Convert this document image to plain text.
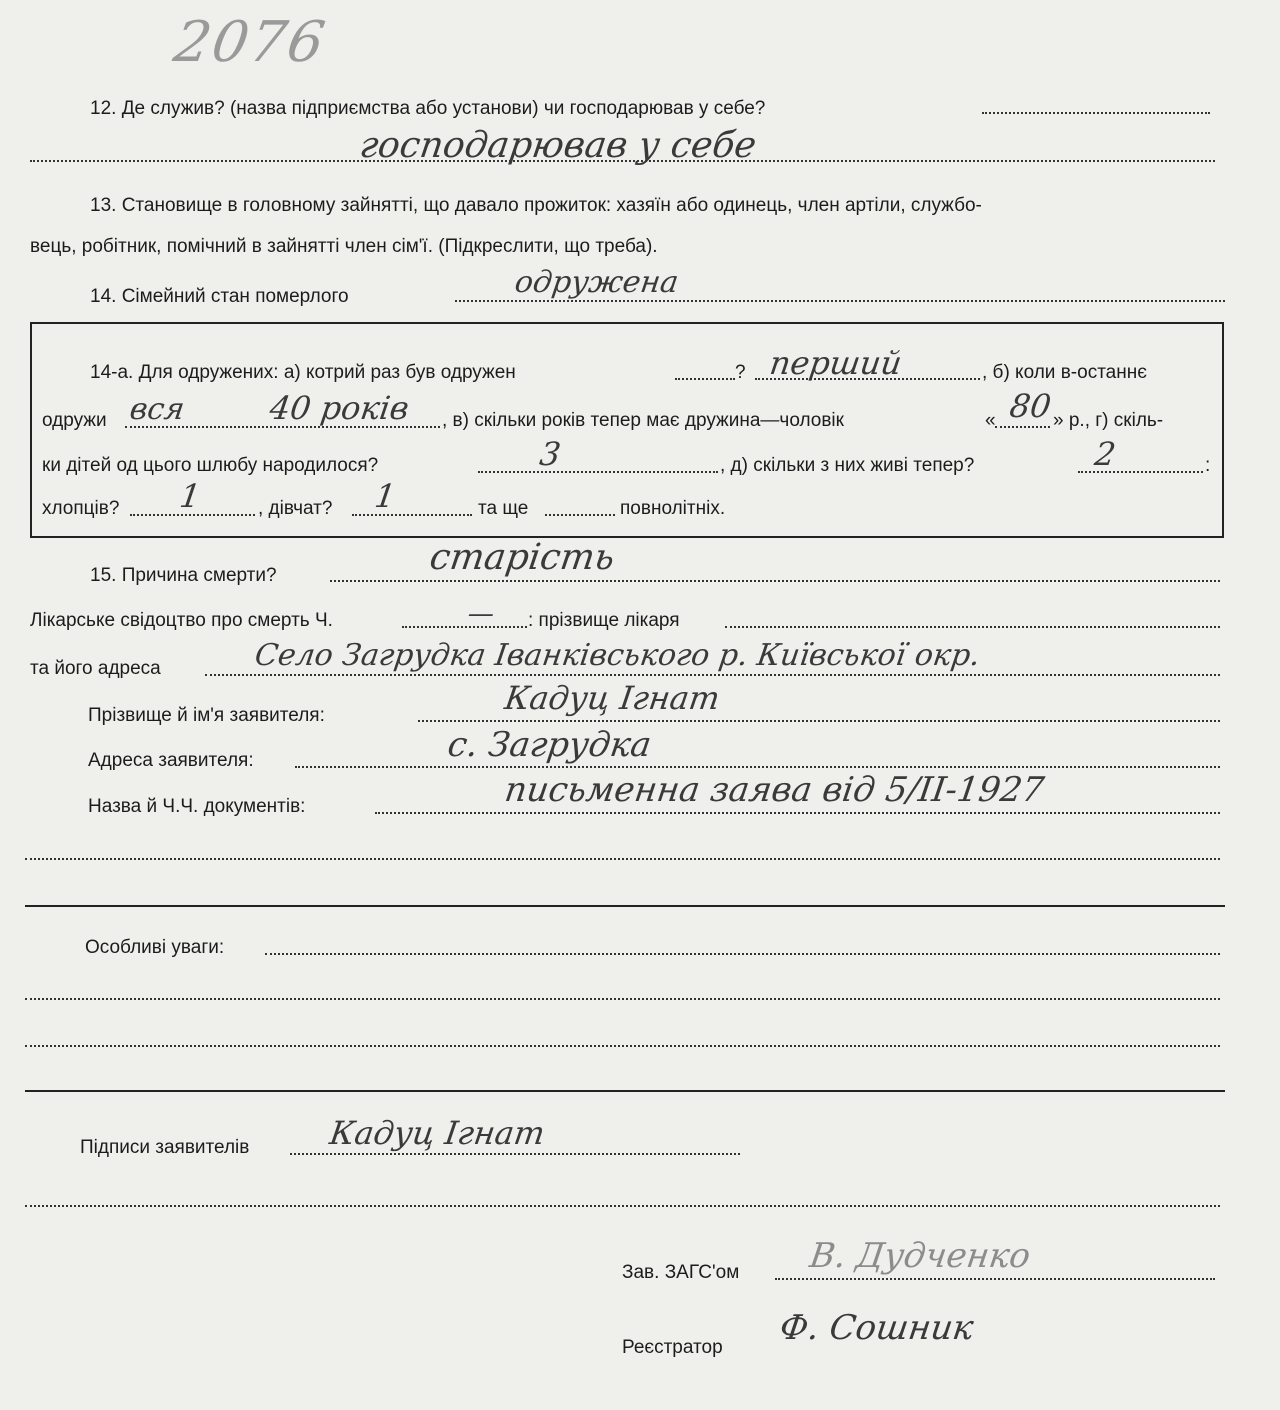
2076
12. Де служив? (назва підприємства або установи) чи господарював у себе?
господарював у себе
13. Становище в головному зайнятті, що давало прожиток: хазяїн або одинець, член артіли, службо-
вець, робітник, помічний в зайнятті член сім'ї. (Підкреслити, що треба).
14. Сімейний стан померлого	одружена
14-а. Для одружених: а) котрий раз був одружен	? перший	, б) коли в-останнє
одружи вся	40 років , в) скільки років тепер має дружина—чоловік	« 80 » р., г) скіль-
ки дітей од цього шлюбу народилося?	3	, д) скільки з них живі тепер?	2	:
хлопців? 1	, дівчат? 1	та ще	повнолітніх.
15. Причина смерти?	старість
Лікарське свідоцтво про смерть Ч.	— : прізвище лікаря
та його адреса	Село Загрудка Іванківського р. Київської окр.
Прізвище й ім'я заявителя:	Кадуц Ігнат
Адреса заявителя:	с. Загрудка
Назва й Ч.Ч. документів:	письменна заява від 5/II-1927
Особливі уваги:
Підписи заявителів Кадуц Ігнат
Зав. ЗАГС'ом В. Дудченко
Реєстратор Ф. Сошник
